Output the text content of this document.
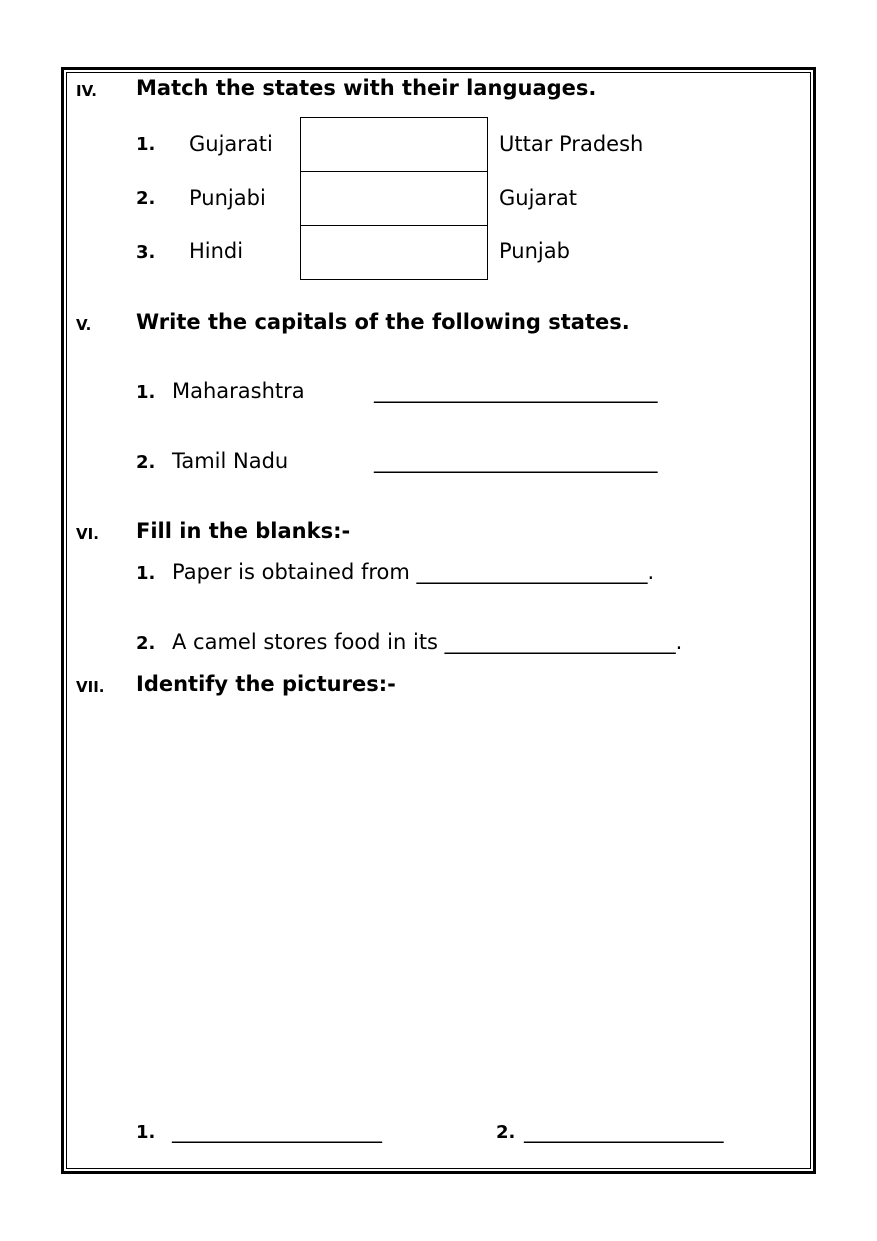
IV. Match the states with their languages.
1. Gujarati	Uttar Pradesh
2. Punjabi	Gujarat
3. Hindi	Punjab
V. Write the capitals of the following states.
1. Maharashtra	___________________________
2. Tamil Nadu	___________________________
VI. Fill in the blanks:-
1. Paper is obtained from ______________________.
2. A camel stores food in its ______________________.
VII. Identify the pictures:-
1. ____________________	2. ___________________
